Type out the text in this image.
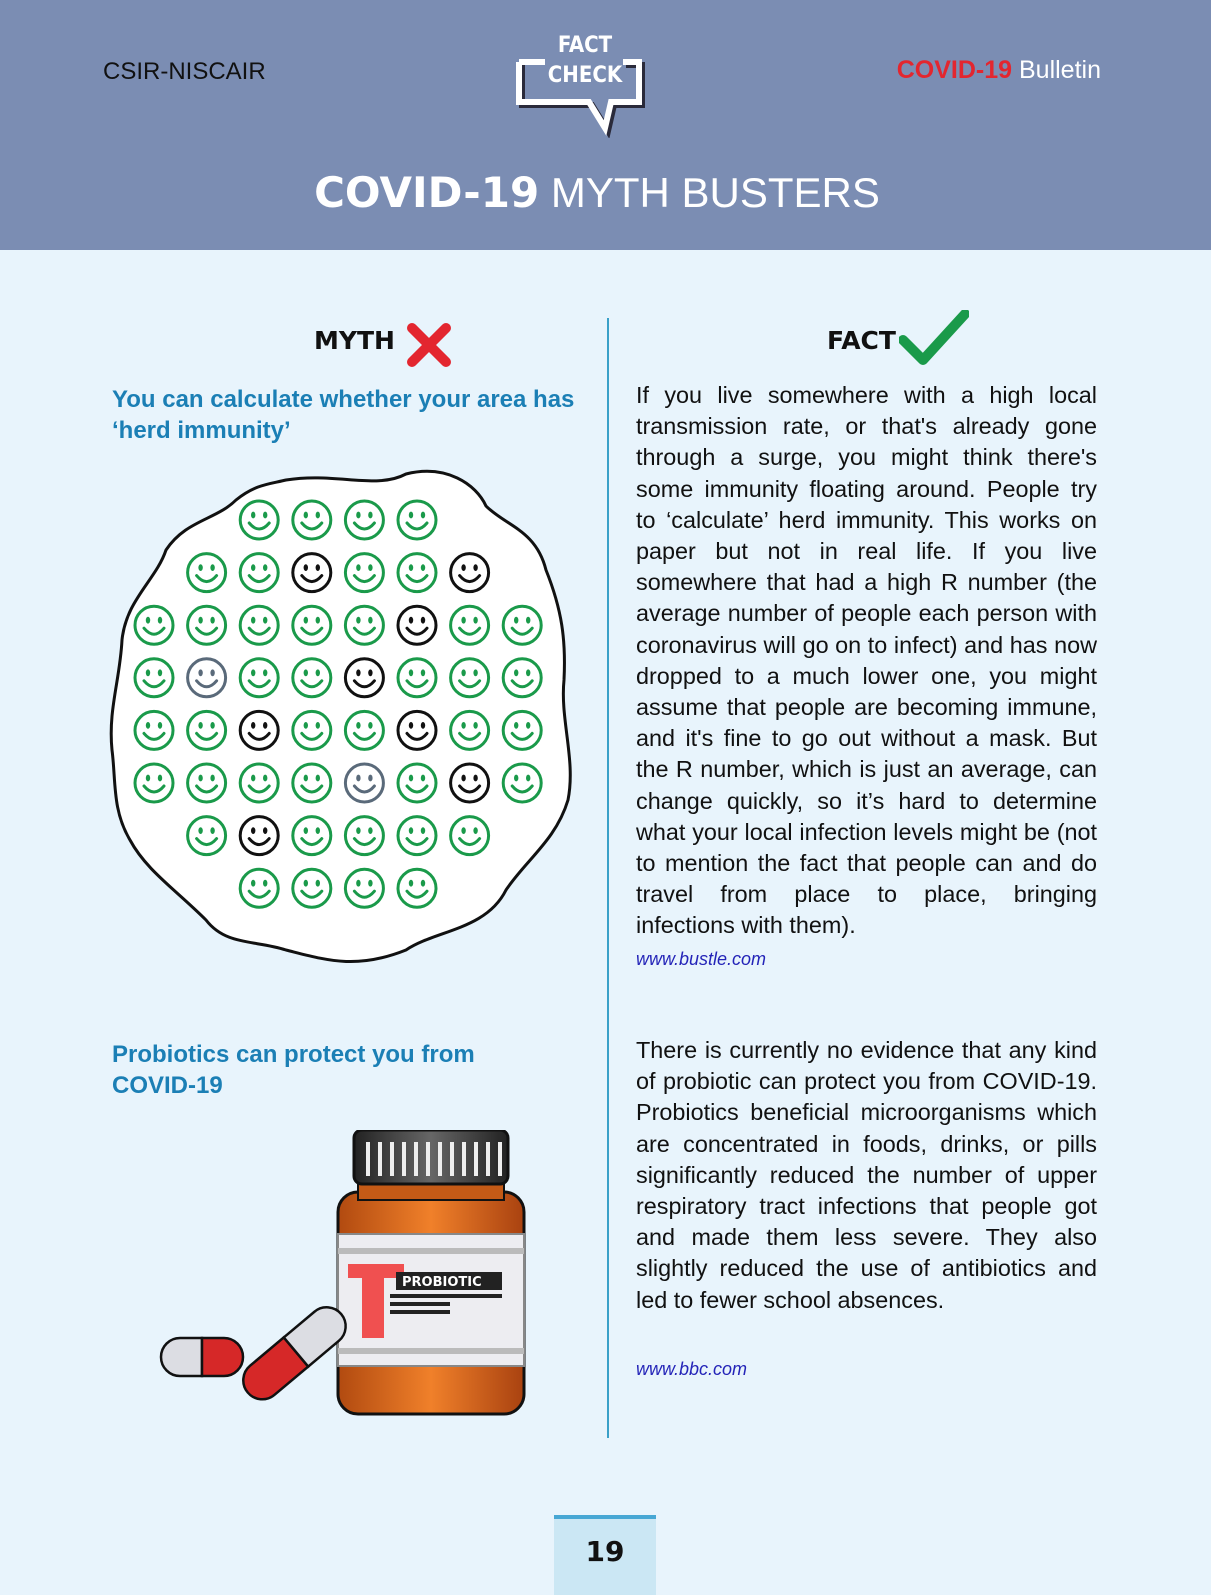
CSIR-NISCAIR
FACT
CHECK	COVID-19 Bulletin
COVID-19 MYTH BUSTERS
MYTH	FACT
You can calculate whether your area has ‘herd immunity’
If you live somewhere with a high local transmission rate, or that's already gone through a surge, you might think there's some immunity floating around. People try to ‘calculate’ herd immunity. This works on paper but not in real life. If you live somewhere that had a high R number (the average number of people each person with coronavirus will go on to infect) and has now dropped to a much lower one, you might assume that people are becoming immune, and it's fine to go out without a mask. But the R number, which is just an average, can change quickly, so it’s hard to determine what your local infection levels might be (not to mention the fact that people can and do travel from place to place, bringing infections with them).
www.bustle.com
Probiotics can protect you from COVID-19
PROBIOTIC
There is currently no evidence that any kind of probiotic can protect you from COVID-19. Probiotics beneficial microorganisms which are concentrated in foods, drinks, or pills significantly reduced the number of upper respiratory tract infections that people got and made them less severe. They also slightly reduced the use of antibiotics and led to fewer school absences.
www.bbc.com
19
